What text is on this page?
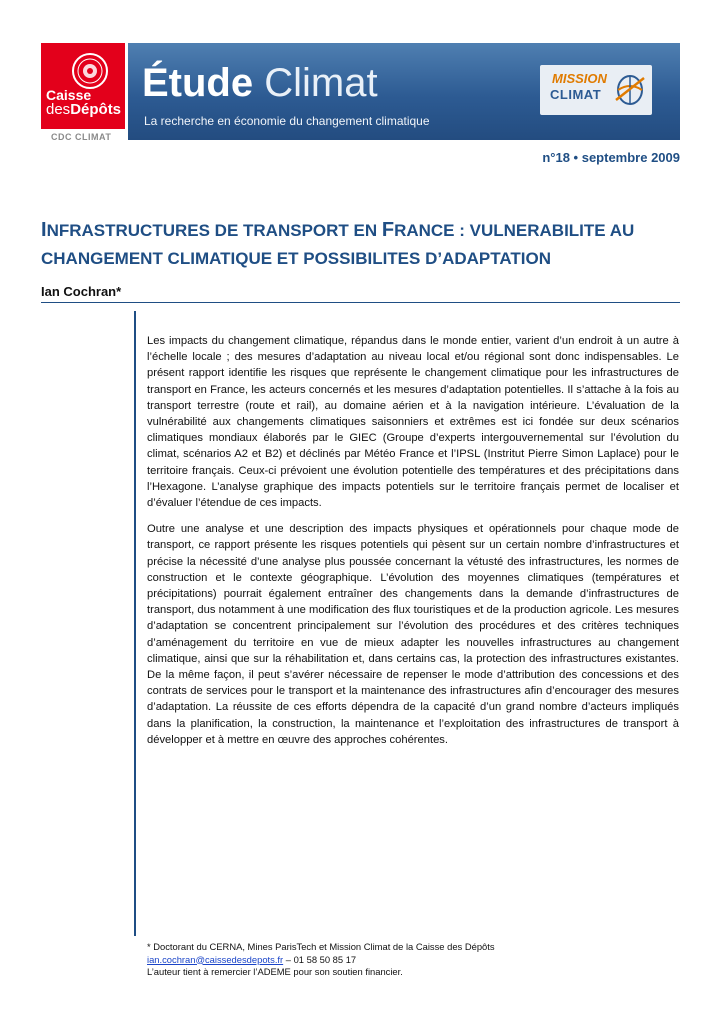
Caisse
desDépôts
CDC CLIMAT
Étude Climat
La recherche en économie du changement climatique
MISSION
CLIMAT
n°18 • septembre 2009
INFRASTRUCTURES DE TRANSPORT EN FRANCE : VULNERABILITE AU
CHANGEMENT CLIMATIQUE ET POSSIBILITES D’ADAPTATION
Ian Cochran*

Les impacts du changement climatique, répandus dans le monde entier, varient d’un endroit à un autre à l’échelle locale ; des mesures d’adaptation au niveau local et/ou régional sont donc indispensables. Le présent rapport identifie les risques que représente le changement climatique pour les infrastructures de transport en France, les acteurs concernés et les mesures d’adaptation potentielles. Il s’attache à la fois au transport terrestre (route et rail), au domaine aérien et à la navigation intérieure. L’évaluation de la vulnérabilité aux changements climatiques saisonniers et extrêmes est ici fondée sur deux scénarios climatiques mondiaux élaborés par le GIEC (Groupe d’experts intergouvernemental sur l’évolution du climat, scénarios A2 et B2) et déclinés par Météo France et l’IPSL (Instritut Pierre Simon Laplace) pour le territoire français. Ceux-ci prévoient une évolution potentielle des températures et des précipitations dans l’Hexagone. L’analyse graphique des impacts potentiels sur le territoire français permet de localiser et d’évaluer l’étendue de ces impacts.

Outre une analyse et une description des impacts physiques et opérationnels pour chaque mode de transport, ce rapport présente les risques potentiels qui pèsent sur un certain nombre d’infrastructures et précise la nécessité d’une analyse plus poussée concernant la vétusté des infrastructures, les normes de construction et le contexte géographique. L’évolution des moyennes climatiques (températures et précipitations) pourrait également entraîner des changements dans la demande d’infrastructures de transport, dus notamment à une modification des flux touristiques et de la production agricole. Les mesures d’adaptation se concentrent principalement sur l’évolution des procédures et des critères techniques d’aménagement du territoire en vue de mieux adapter les nouvelles infrastructures au changement climatique, ainsi que sur la réhabilitation et, dans certains cas, la protection des infrastructures existantes. De la même façon, il peut s’avérer nécessaire de repenser le mode d’attribution des concessions et des contrats de services pour le transport et la maintenance des infrastructures afin d’encourager des mesures d’adaptation. La réussite de ces efforts dépendra de la capacité d’un grand nombre d’acteurs impliqués dans la planification, la construction, la maintenance et l’exploitation des infrastructures de transport à développer et à mettre en œuvre des approches cohérentes.

* Doctorant du CERNA, Mines ParisTech et Mission Climat de la Caisse des Dépôts
ian.cochran@caissedesdepots.fr – 01 58 50 85 17
L’auteur tient à remercier l’ADEME pour son soutien financier.
